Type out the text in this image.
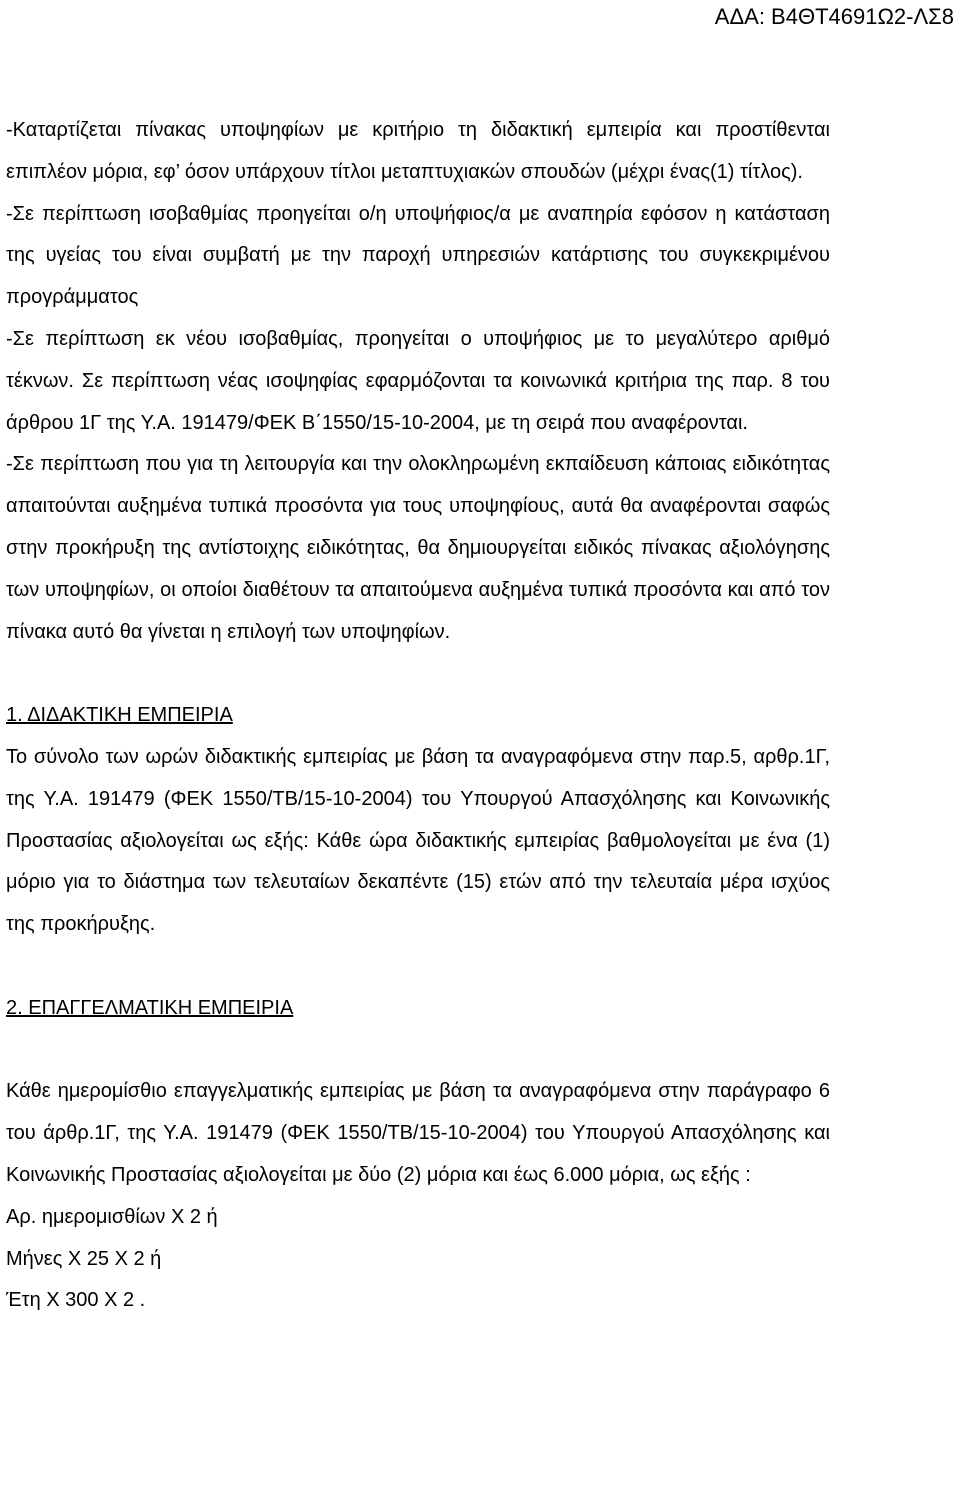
ΑΔΑ: Β4ΘΤ4691Ω2-ΛΣ8

-Καταρτίζεται πίνακας υποψηφίων με κριτήριο τη διδακτική εμπειρία και προστίθενται επιπλέον μόρια, εφ’ όσον υπάρχουν τίτλοι μεταπτυχιακών σπουδών (μέχρι ένας(1) τίτλος).

-Σε περίπτωση ισοβαθμίας προηγείται ο/η υποψήφιος/α με αναπηρία εφόσον η κατάσταση της υγείας του είναι συμβατή με την παροχή υπηρεσιών κατάρτισης του συγκεκριμένου προγράμματος

-Σε περίπτωση εκ νέου ισοβαθμίας, προηγείται ο υποψήφιος με το μεγαλύτερο αριθμό τέκνων. Σε περίπτωση νέας ισοψηφίας εφαρμόζονται τα κοινωνικά κριτήρια της παρ. 8 του άρθρου 1Γ της Υ.Α. 191479/ΦΕΚ Β΄1550/15-10-2004, με τη σειρά που αναφέρονται.

-Σε περίπτωση που για τη λειτουργία και την ολοκληρωμένη εκπαίδευση κάποιας ειδικότητας απαιτούνται αυξημένα τυπικά προσόντα για τους υποψηφίους, αυτά θα αναφέρονται σαφώς στην προκήρυξη της αντίστοιχης ειδικότητας, θα δημιουργείται ειδικός πίνακας αξιολόγησης των υποψηφίων, οι οποίοι διαθέτουν τα απαιτούμενα αυξημένα τυπικά προσόντα και από τον πίνακα αυτό θα γίνεται η επιλογή των υποψηφίων.

1. ΔΙΔΑΚΤΙΚΗ ΕΜΠΕΙΡΙΑ

Το σύνολο των ωρών διδακτικής εμπειρίας με βάση τα αναγραφόμενα στην παρ.5, αρθρ.1Γ, της Υ.Α. 191479 (ΦΕΚ 1550/ΤΒ/15-10-2004) του Υπουργού Απασχόλησης και Κοινωνικής Προστασίας αξιολογείται ως εξής: Κάθε ώρα διδακτικής εμπειρίας βαθμολογείται με ένα (1) μόριο για το διάστημα των τελευταίων δεκαπέντε (15) ετών από την τελευταία μέρα ισχύος της προκήρυξης.

2. ΕΠΑΓΓΕΛΜΑΤΙΚΗ ΕΜΠΕΙΡΙΑ

Κάθε ημερομίσθιο επαγγελματικής εμπειρίας με βάση τα αναγραφόμενα στην παράγραφο 6 του άρθρ.1Γ, της Υ.Α. 191479 (ΦΕΚ 1550/ΤΒ/15-10-2004) του Υπουργού Απασχόλησης και Κοινωνικής Προστασίας αξιολογείται με δύο (2) μόρια και έως 6.000 μόρια, ως εξής :

Αρ. ημερομισθίων Χ 2 ή

Μήνες Χ 25 Χ 2 ή

Έτη Χ 300 Χ 2 .
